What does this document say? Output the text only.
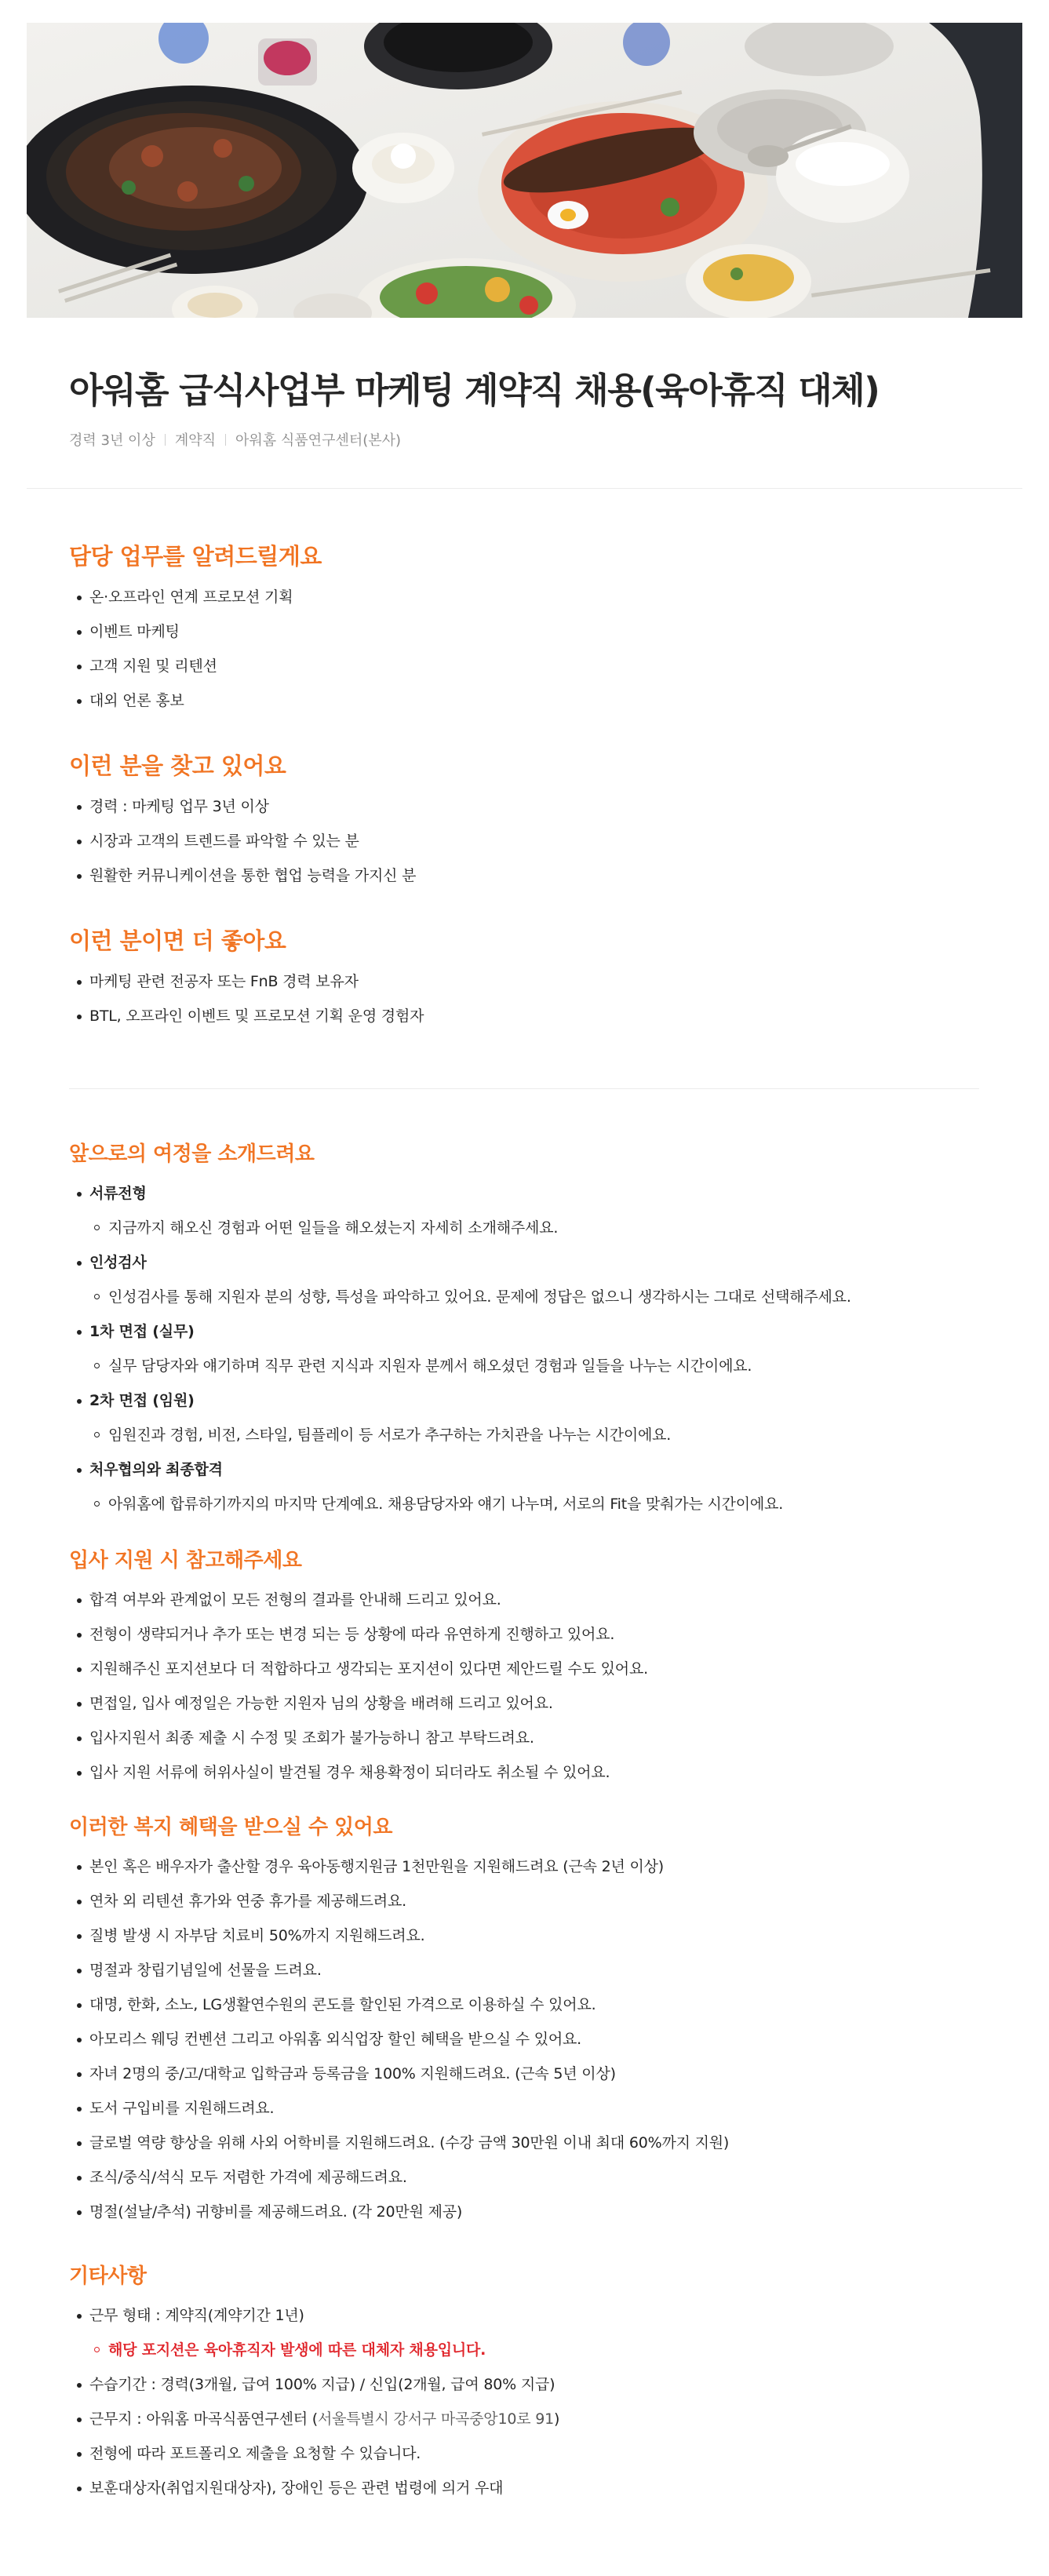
아워홈 급식사업부 마케팅 계약직 채용(육아휴직 대체)
경력 3년 이상 계약직 아워홈 식품연구센터(본사)
담당 업무를 알려드릴게요
온·오프라인 연계 프로모션 기획
이벤트 마케팅
고객 지원 및 리텐션
대외 언론 홍보
이런 분을 찾고 있어요
경력 : 마케팅 업무 3년 이상
시장과 고객의 트렌드를 파악할 수 있는 분
원활한 커뮤니케이션을 통한 협업 능력을 가지신 분
이런 분이면 더 좋아요
마케팅 관련 전공자 또는 FnB 경력 보유자
BTL, 오프라인 이벤트 및 프로모션 기획 운영 경험자
앞으로의 여정을 소개드려요
서류전형
지금까지 해오신 경험과 어떤 일들을 해오셨는지 자세히 소개해주세요.
인성검사
인성검사를 통해 지원자 분의 성향, 특성을 파악하고 있어요. 문제에 정답은 없으니 생각하시는 그대로 선택해주세요.
1차 면접 (실무)
실무 담당자와 얘기하며 직무 관련 지식과 지원자 분께서 해오셨던 경험과 일들을 나누는 시간이에요.
2차 면접 (임원)
임원진과 경험, 비전, 스타일, 팀플레이 등 서로가 추구하는 가치관을 나누는 시간이에요.
처우협의와 최종합격
아워홈에 합류하기까지의 마지막 단계예요. 채용담당자와 얘기 나누며, 서로의 Fit을 맞춰가는 시간이에요.
입사 지원 시 참고해주세요
합격 여부와 관계없이 모든 전형의 결과를 안내해 드리고 있어요.
전형이 생략되거나 추가 또는 변경 되는 등 상황에 따라 유연하게 진행하고 있어요.
지원해주신 포지션보다 더 적합하다고 생각되는 포지션이 있다면 제안드릴 수도 있어요.
면접일, 입사 예정일은 가능한 지원자 님의 상황을 배려해 드리고 있어요.
입사지원서 최종 제출 시 수정 및 조회가 불가능하니 참고 부탁드려요.
입사 지원 서류에 허위사실이 발견될 경우 채용확정이 되더라도 취소될 수 있어요.
이러한 복지 혜택을 받으실 수 있어요
본인 혹은 배우자가 출산할 경우 육아동행지원금 1천만원을 지원해드려요 (근속 2년 이상)
연차 외 리텐션 휴가와 연중 휴가를 제공해드려요.
질병 발생 시 자부담 치료비 50%까지 지원해드려요.
명절과 창립기념일에 선물을 드려요.
대명, 한화, 소노, LG생활연수원의 콘도를 할인된 가격으로 이용하실 수 있어요.
아모리스 웨딩 컨벤션 그리고 아워홈 외식업장 할인 혜택을 받으실 수 있어요.
자녀 2명의 중/고/대학교 입학금과 등록금을 100% 지원해드려요. (근속 5년 이상)
도서 구입비를 지원해드려요.
글로벌 역량 향상을 위해 사외 어학비를 지원해드려요. (수강 금액 30만원 이내 최대 60%까지 지원)
조식/중식/석식 모두 저렴한 가격에 제공해드려요.
명절(설날/추석) 귀향비를 제공해드려요. (각 20만원 제공)
기타사항
근무 형태 : 계약직(계약기간 1년)
해당 포지션은 육아휴직자 발생에 따른 대체자 채용입니다.
수습기간 : 경력(3개월, 급여 100% 지급) / 신입(2개월, 급여 80% 지급)
근무지 : 아워홈 마곡식품연구센터 (서울특별시 강서구 마곡중앙10로 91)
전형에 따라 포트폴리오 제출을 요청할 수 있습니다.
보훈대상자(취업지원대상자), 장애인 등은 관련 법령에 의거 우대
